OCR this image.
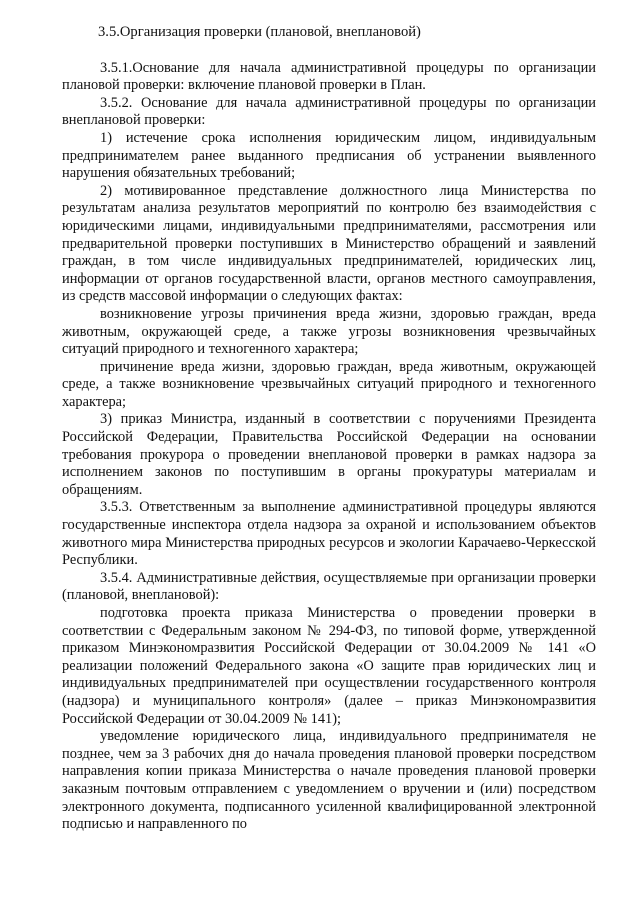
3.5.Организация проверки (плановой, внеплановой)

3.5.1.Основание для начала административной процедуры по организации плановой проверки: включение плановой проверки в План.

3.5.2. Основание для начала административной процедуры по организации внеплановой проверки:

1) истечение срока исполнения юридическим лицом, индивидуальным предпринимателем ранее выданного предписания об устранении выявленного нарушения обязательных требований;

2) мотивированное представление должностного лица Министерства по результатам анализа результатов мероприятий по контролю без взаимодействия с юридическими лицами, индивидуальными предпринимателями, рассмотрения или предварительной проверки поступивших в Министерство обращений и заявлений граждан, в том числе индивидуальных предпринимателей, юридических лиц, информации от органов государственной власти, органов местного самоуправления, из средств массовой информации о следующих фактах:

возникновение угрозы причинения вреда жизни, здоровью граждан, вреда животным, окружающей среде, а также угрозы возникновения чрезвычайных ситуаций природного и техногенного характера;

причинение вреда жизни, здоровью граждан, вреда животным, окружающей среде, а также возникновение чрезвычайных ситуаций природного и техногенного характера;

3) приказ Министра, изданный в соответствии с поручениями Президента Российской Федерации, Правительства Российской Федерации на основании требования прокурора о проведении внеплановой проверки в рамках надзора за исполнением законов по поступившим в органы прокуратуры материалам и обращениям.

3.5.3. Ответственным за выполнение административной процедуры являются государственные инспектора отдела надзора за охраной и использованием объектов животного мира Министерства природных ресурсов и экологии Карачаево-Черкесской Республики.

3.5.4. Административные действия, осуществляемые при организации проверки (плановой, внеплановой):

подготовка проекта приказа Министерства о проведении проверки в соответствии с Федеральным законом № 294-ФЗ, по типовой форме, утвержденной приказом Минэкономразвития Российской Федерации от 30.04.2009 № 141 «О реализации положений Федерального закона «О защите прав юридических лиц и индивидуальных предпринимателей при осуществлении государственного контроля (надзора) и муниципального контроля» (далее – приказ Минэкономразвития Российской Федерации от 30.04.2009 № 141);

уведомление юридического лица, индивидуального предпринимателя не позднее, чем за 3 рабочих дня до начала проведения плановой проверки посредством направления копии приказа Министерства о начале проведения плановой проверки заказным почтовым отправлением с уведомлением о вручении и (или) посредством электронного документа, подписанного усиленной квалифицированной электронной подписью и направленного по
